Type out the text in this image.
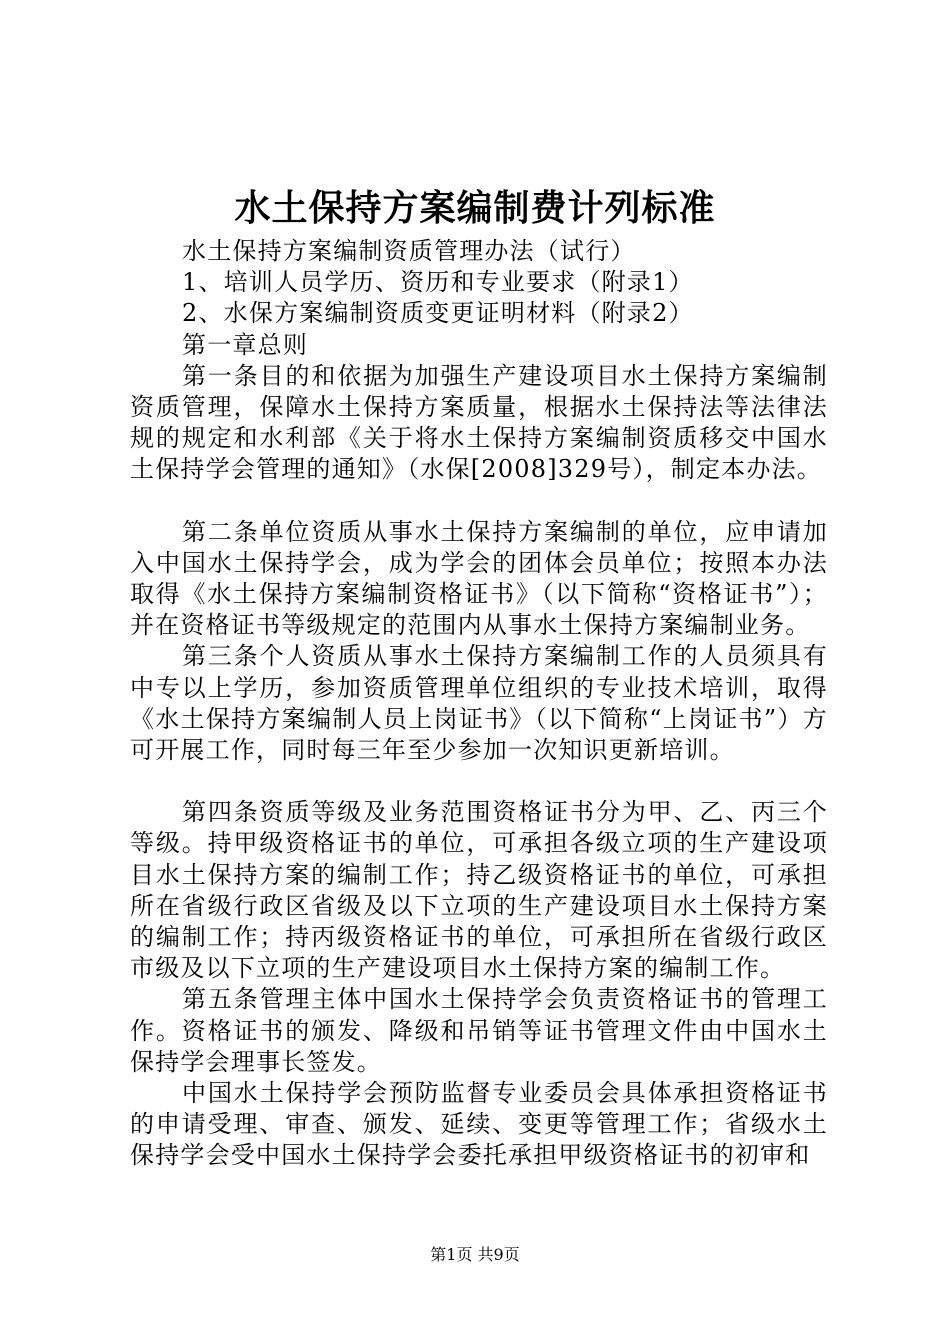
水土保持方案编制费计列标准

水土保持方案编制资质管理办法（试行）

1、培训人员学历、资历和专业要求（附录1）

2、水保方案编制资质变更证明材料（附录2）

第一章总则

第一条目的和依据为加强生产建设项目水土保持方案编制资质管理，保障水土保持方案质量，根据水土保持法等法律法规的规定和水利部《关于将水土保持方案编制资质移交中国水土保持学会管理的通知》（水保[2008]329号），制定本办法。

第二条单位资质从事水土保持方案编制的单位，应申请加入中国水土保持学会，成为学会的团体会员单位；按照本办法取得《水土保持方案编制资格证书》（以下简称“资格证书”）；并在资格证书等级规定的范围内从事水土保持方案编制业务。

第三条个人资质从事水土保持方案编制工作的人员须具有中专以上学历，参加资质管理单位组织的专业技术培训，取得《水土保持方案编制人员上岗证书》（以下简称“上岗证书”）方可开展工作，同时每三年至少参加一次知识更新培训。

第四条资质等级及业务范围资格证书分为甲、乙、丙三个等级。持甲级资格证书的单位，可承担各级立项的生产建设项目水土保持方案的编制工作；持乙级资格证书的单位，可承担所在省级行政区省级及以下立项的生产建设项目水土保持方案的编制工作；持丙级资格证书的单位，可承担所在省级行政区市级及以下立项的生产建设项目水土保持方案的编制工作。

第五条管理主体中国水土保持学会负责资格证书的管理工作。资格证书的颁发、降级和吊销等证书管理文件由中国水土保持学会理事长签发。

中国水土保持学会预防监督专业委员会具体承担资格证书的申请受理、审查、颁发、延续、变更等管理工作；省级水土保持学会受中国水土保持学会委托承担甲级资格证书的初审和

第1页 共9页
